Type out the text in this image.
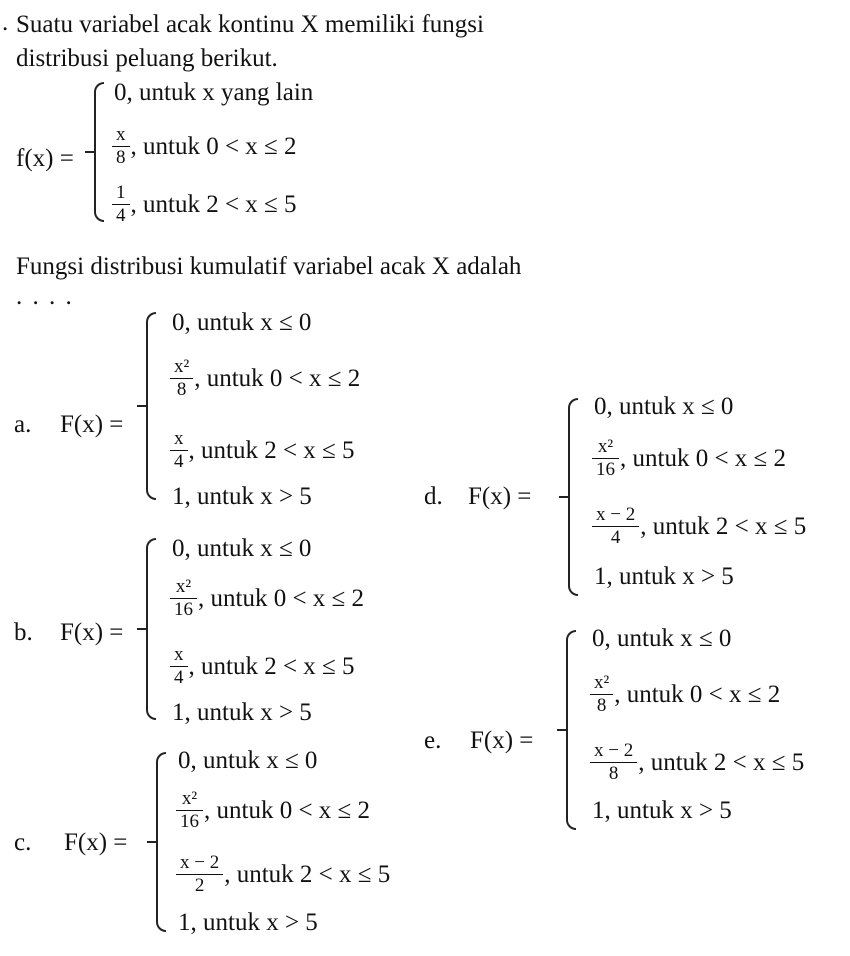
. Suatu variabel acak kontinu X memiliki fungsi distribusi peluang berikut.
f(x) =
0, untuk x yang lain
$\frac{x}{8}$ , untuk 0 < x ≤ 2
$\frac{1}{4}$ , untuk 2 < x ≤ 5
Fungsi distribusi kumulatif variabel acak X adalah
. . . .
a. F(x) =
0, untuk x ≤ 0
$\frac{\text{x²}}{8}$ , untuk 0 < x ≤ 2
$\frac{x}{4}$ , untuk 2 < x ≤ 5
1, untuk x > 5
b. F(x) =
0, untuk x ≤ 0
$\frac{\text{x²}}{16}$ , untuk 0 < x ≤ 2
$\frac{x}{4}$ , untuk 2 < x ≤ 5
1, untuk x > 5
c. F(x) =
0, untuk x ≤ 0
$\frac{\text{x²}}{16}$ , untuk 0 < x ≤ 2
$\frac{x - 2}{2}$ , untuk 2 < x ≤ 5
1, untuk x > 5
d. F(x) =
0, untuk x ≤ 0
$\frac{\text{x²}}{16}$ , untuk 0 < x ≤ 2
$\frac{x - 2}{4}$ , untuk 2 < x ≤ 5
1, untuk x > 5
e. F(x) =
0, untuk x ≤ 0
$\frac{\text{x²}}{8}$ , untuk 0 < x ≤ 2
$\frac{x - 2}{8}$ , untuk 2 < x ≤ 5
1, untuk x > 5
